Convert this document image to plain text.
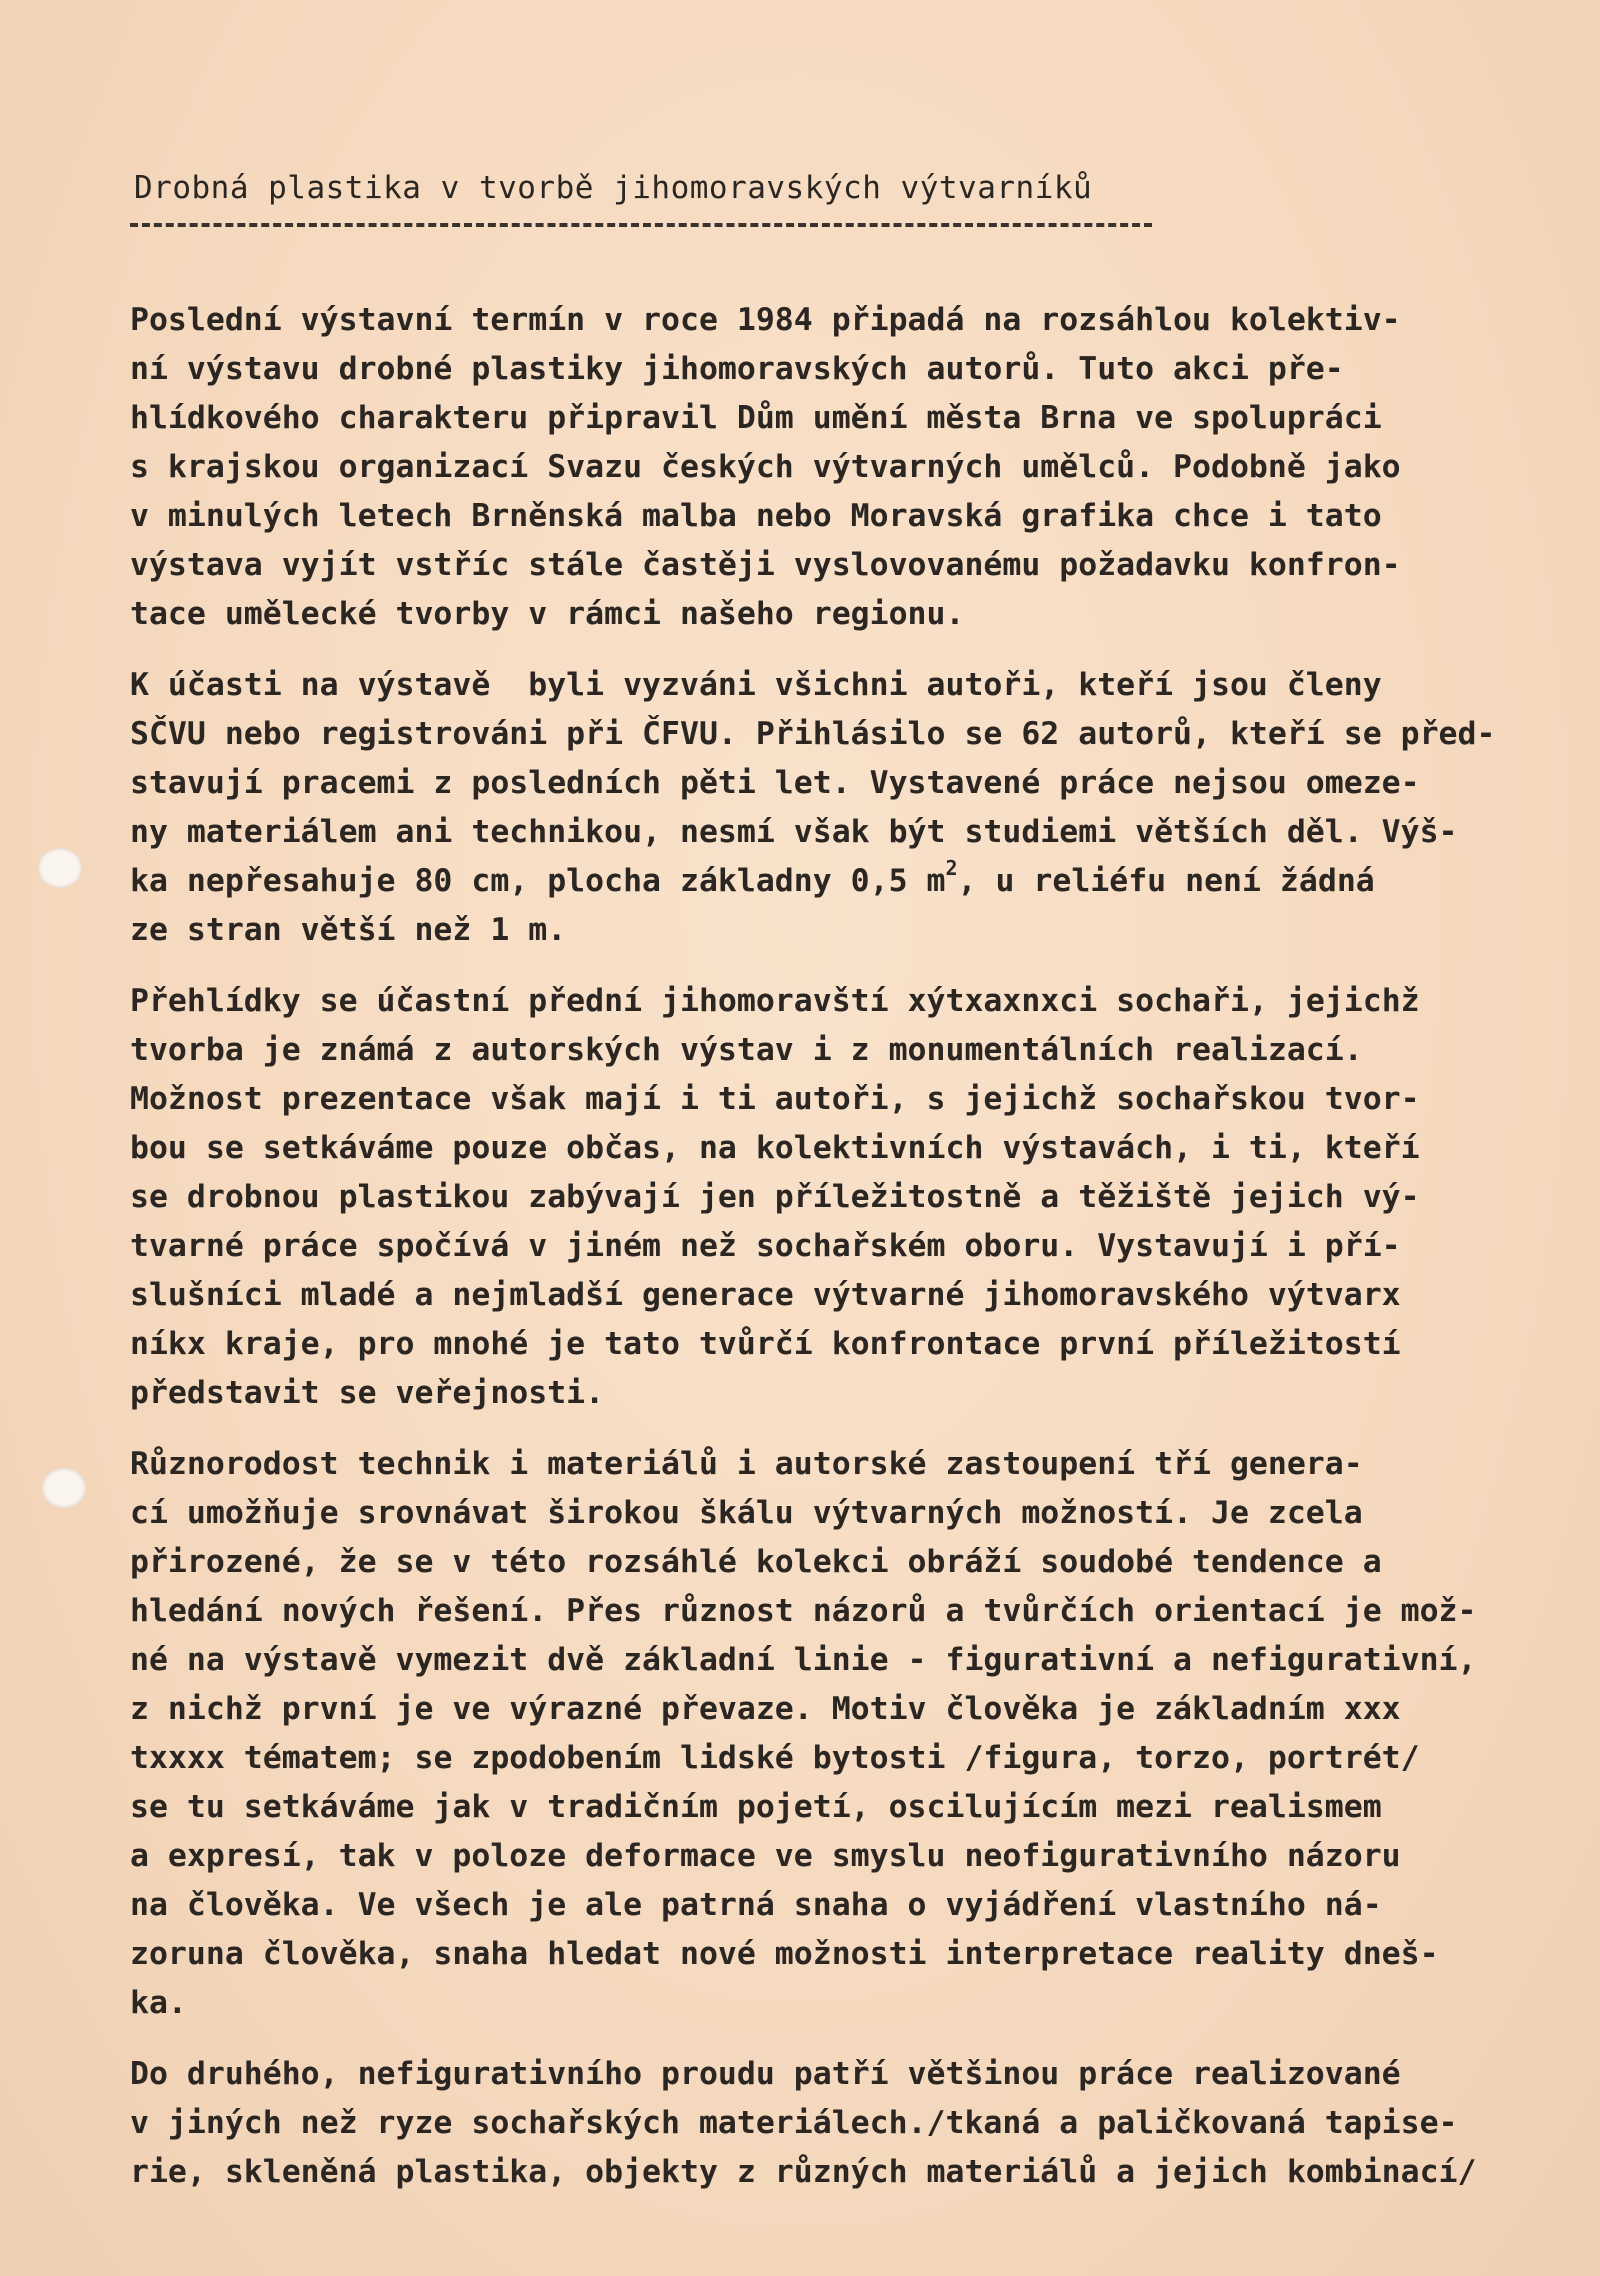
Drobná plastika v tvorbě jihomoravských výtvarníků
Poslední výstavní termín v roce 1984 připadá na rozsáhlou kolektiv-
ní výstavu drobné plastiky jihomoravských autorů. Tuto akci pře-
hlídkového charakteru připravil Dům umění města Brna ve spolupráci
s krajskou organizací Svazu českých výtvarných umělců. Podobně jako
v minulých letech Brněnská malba nebo Moravská grafika chce i tato
výstava vyjít vstříc stále častěji vyslovovanému požadavku konfron-
tace umělecké tvorby v rámci našeho regionu.
K účasti na výstavě  byli vyzváni všichni autoři, kteří jsou členy
SČVU nebo registrováni při ČFVU. Přihlásilo se 62 autorů, kteří se před-
stavují pracemi z posledních pěti let. Vystavené práce nejsou omeze-
ny materiálem ani technikou, nesmí však být studiemi větších děl. Výš-
ka nepřesahuje 80 cm, plocha základny 0,5 $m^2$, u reliéfu není žádná
ze stran větší než 1 m.
Přehlídky se účastní přední jihomoravští xýtxaxnxci sochaři, jejichž
tvorba je známá z autorských výstav i z monumentálních realizací.
Možnost prezentace však mají i ti autoři, s jejichž sochařskou tvor-
bou se setkáváme pouze občas, na kolektivních výstavách, i ti, kteří
se drobnou plastikou zabývají jen příležitostně a těžiště jejich vý-
tvarné práce spočívá v jiném než sochařském oboru. Vystavují i pří-
slušníci mladé a nejmladší generace výtvarné jihomoravského výtvarx
níkx kraje, pro mnohé je tato tvůrčí konfrontace první příležitostí
představit se veřejnosti.
Různorodost technik i materiálů i autorské zastoupení tří genera-
cí umožňuje srovnávat širokou škálu výtvarných možností. Je zcela
přirozené, že se v této rozsáhlé kolekci obráží soudobé tendence a
hledání nových řešení. Přes různost názorů a tvůrčích orientací je mož-
né na výstavě vymezit dvě základní linie - figurativní a nefigurativní,
z nichž první je ve výrazné převaze. Motiv člověka je základním xxx
txxxx tématem; se zpodobením lidské bytosti /figura, torzo, portrét/
se tu setkáváme jak v tradičním pojetí, oscilujícím mezi realismem
a expresí, tak v poloze deformace ve smyslu neofigurativního názoru
na člověka. Ve všech je ale patrná snaha o vyjádření vlastního ná-
zoruna člověka, snaha hledat nové možnosti interpretace reality dneš-
ka.
Do druhého, nefigurativního proudu patří většinou práce realizované
v jiných než ryze sochařských materiálech./tkaná a paličkovaná tapise-
rie, skleněná plastika, objekty z různých materiálů a jejich kombinací/
